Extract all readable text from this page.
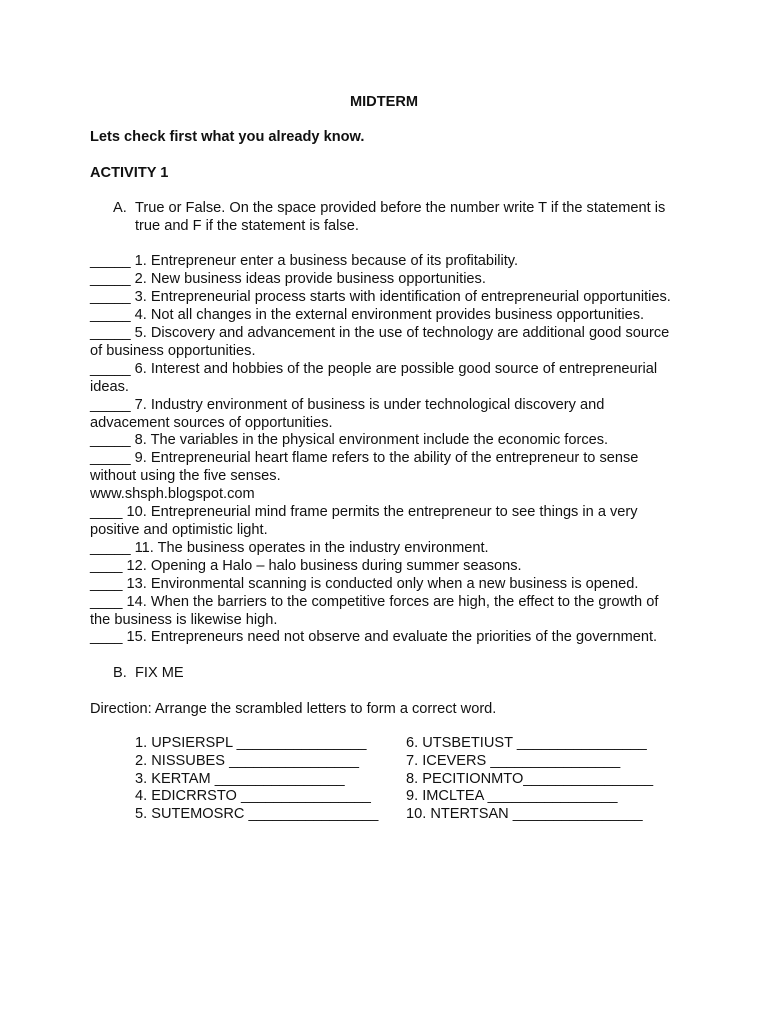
MIDTERM
Lets check first what you already know.
ACTIVITY 1
A. True or False. On the space provided before the number write T if the statement is true and F if the statement is false.
_____ 1. Entrepreneur enter a business because of its profitability.
_____ 2. New business ideas provide business opportunities.
_____ 3. Entrepreneurial process starts with identification of entrepreneurial opportunities.
_____ 4. Not all changes in the external environment provides business opportunities.
_____ 5. Discovery and advancement in the use of technology are additional good source of business opportunities.
_____ 6. Interest and hobbies of the people are possible good source of entrepreneurial ideas.
_____ 7. Industry environment of business is under technological discovery and advacement sources of opportunities.
_____ 8. The variables in the physical environment include the economic forces.
_____ 9. Entrepreneurial heart flame refers to the ability of the entrepreneur to sense without using the five senses.
www.shsph.blogspot.com
____ 10. Entrepreneurial mind frame permits the entrepreneur to see things in a very positive and optimistic light.
_____ 11. The business operates in the industry environment.
____ 12. Opening a Halo – halo business during summer seasons.
____ 13. Environmental scanning is conducted only when a new business is opened.
____ 14. When the barriers to the competitive forces are high, the effect to the growth of the business is likewise high.
____ 15. Entrepreneurs need not observe and evaluate the priorities of the government.
B. FIX ME
Direction: Arrange the scrambled letters to form a correct word.
1. UPSIERSPL ________________
2. NISSUBES ________________
3. KERTAM ________________
4. EDICRRSTO ________________
5. SUTEMOSRC ________________
6. UTSBETIUST ________________
7. ICEVERS ________________
8. PECITIONMTO________________
9. IMCLTEA ________________
10. NTERTSAN ________________
